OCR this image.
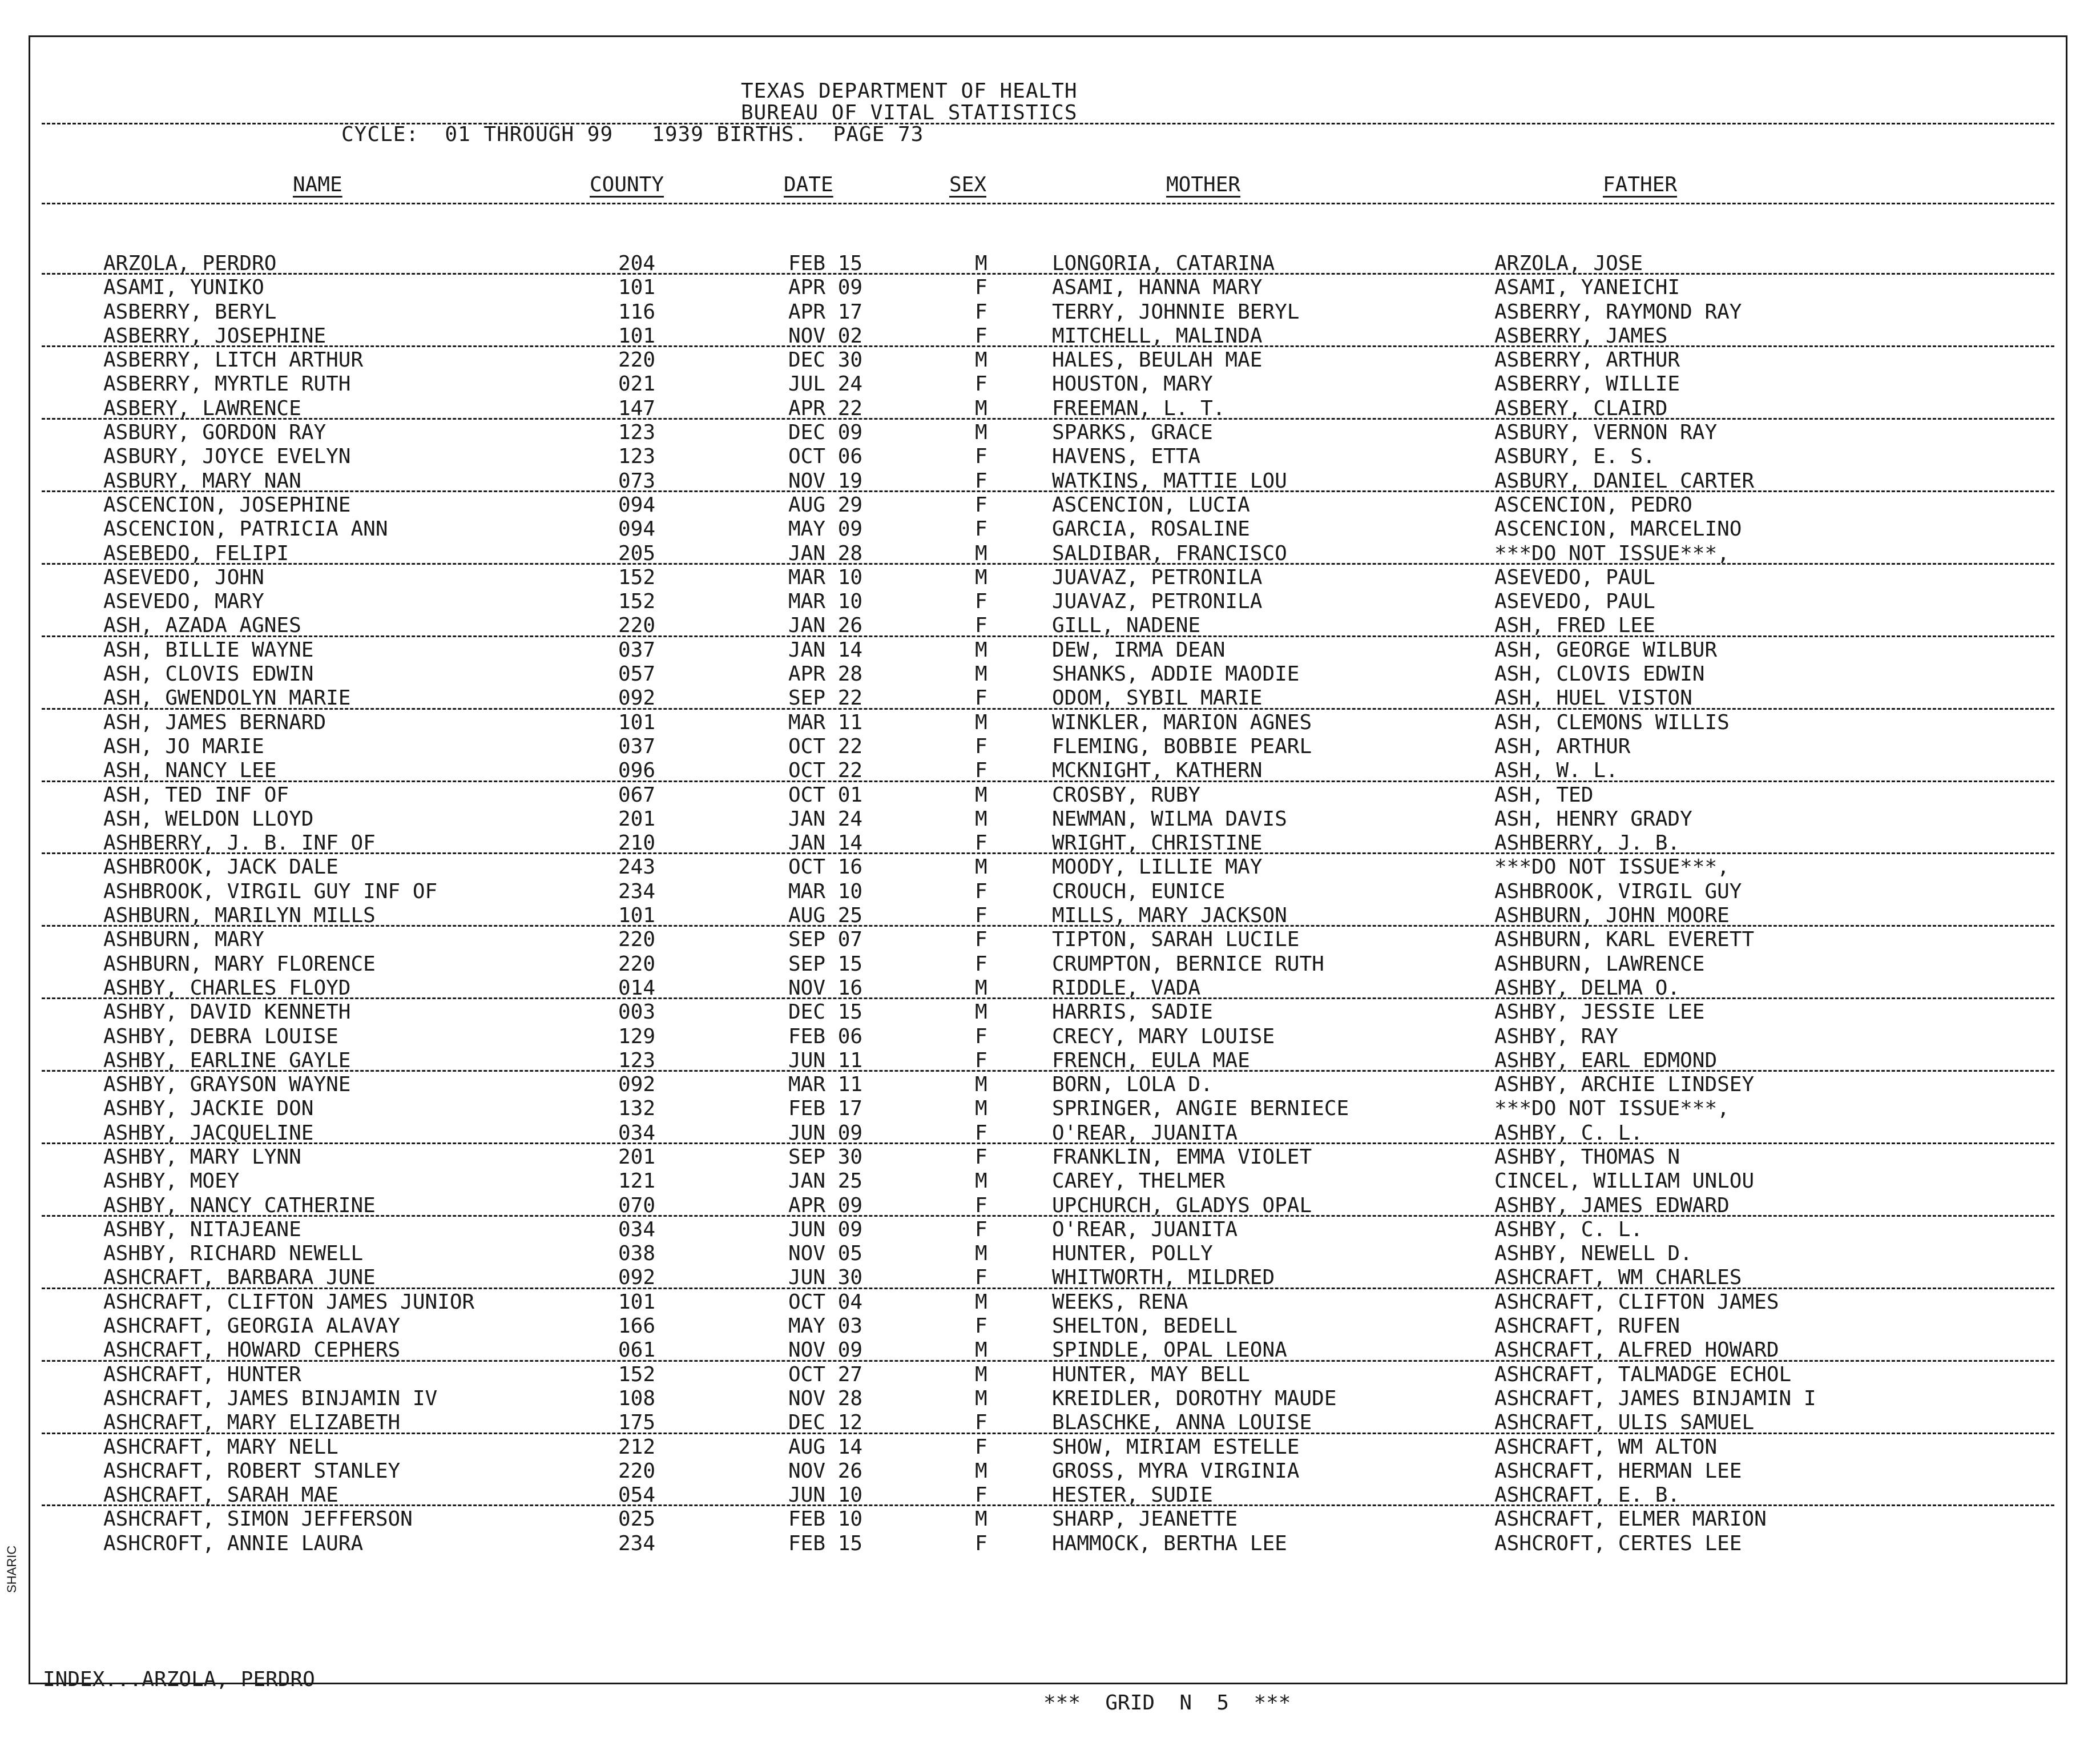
TEXAS DEPARTMENT OF HEALTH
BUREAU OF VITAL STATISTICS
CYCLE:  01 THROUGH 99   1939 BIRTHS.  PAGE 73
NAME	COUNTY	DATE	SEX	MOTHER	FATHER
ARZOLA, PERDRO	204	FEB 15	M	LONGORIA, CATARINA	ARZOLA, JOSE
ASAMI, YUNIKO	101	APR 09	F	ASAMI, HANNA MARY	ASAMI, YANEICHI
ASBERRY, BERYL	116	APR 17	F	TERRY, JOHNNIE BERYL	ASBERRY, RAYMOND RAY
ASBERRY, JOSEPHINE	101	NOV 02	F	MITCHELL, MALINDA	ASBERRY, JAMES
ASBERRY, LITCH ARTHUR	220	DEC 30	M	HALES, BEULAH MAE	ASBERRY, ARTHUR
ASBERRY, MYRTLE RUTH	021	JUL 24	F	HOUSTON, MARY	ASBERRY, WILLIE
ASBERY, LAWRENCE	147	APR 22	M	FREEMAN, L. T.	ASBERY, CLAIRD
ASBURY, GORDON RAY	123	DEC 09	M	SPARKS, GRACE	ASBURY, VERNON RAY
ASBURY, JOYCE EVELYN	123	OCT 06	F	HAVENS, ETTA	ASBURY, E. S.
ASBURY, MARY NAN	073	NOV 19	F	WATKINS, MATTIE LOU	ASBURY, DANIEL CARTER
ASCENCION, JOSEPHINE	094	AUG 29	F	ASCENCION, LUCIA	ASCENCION, PEDRO
ASCENCION, PATRICIA ANN	094	MAY 09	F	GARCIA, ROSALINE	ASCENCION, MARCELINO
ASEBEDO, FELIPI	205	JAN 28	M	SALDIBAR, FRANCISCO	***DO NOT ISSUE***,
ASEVEDO, JOHN	152	MAR 10	M	JUAVAZ, PETRONILA	ASEVEDO, PAUL
ASEVEDO, MARY	152	MAR 10	F	JUAVAZ, PETRONILA	ASEVEDO, PAUL
ASH, AZADA AGNES	220	JAN 26	F	GILL, NADENE	ASH, FRED LEE
ASH, BILLIE WAYNE	037	JAN 14	M	DEW, IRMA DEAN	ASH, GEORGE WILBUR
ASH, CLOVIS EDWIN	057	APR 28	M	SHANKS, ADDIE MAODIE	ASH, CLOVIS EDWIN
ASH, GWENDOLYN MARIE	092	SEP 22	F	ODOM, SYBIL MARIE	ASH, HUEL VISTON
ASH, JAMES BERNARD	101	MAR 11	M	WINKLER, MARION AGNES	ASH, CLEMONS WILLIS
ASH, JO MARIE	037	OCT 22	F	FLEMING, BOBBIE PEARL	ASH, ARTHUR
ASH, NANCY LEE	096	OCT 22	F	MCKNIGHT, KATHERN	ASH, W. L.
ASH, TED INF OF	067	OCT 01	M	CROSBY, RUBY	ASH, TED
ASH, WELDON LLOYD	201	JAN 24	M	NEWMAN, WILMA DAVIS	ASH, HENRY GRADY
ASHBERRY, J. B. INF OF	210	JAN 14	F	WRIGHT, CHRISTINE	ASHBERRY, J. B.
ASHBROOK, JACK DALE	243	OCT 16	M	MOODY, LILLIE MAY	***DO NOT ISSUE***,
ASHBROOK, VIRGIL GUY INF OF	234	MAR 10	F	CROUCH, EUNICE	ASHBROOK, VIRGIL GUY
ASHBURN, MARILYN MILLS	101	AUG 25	F	MILLS, MARY JACKSON	ASHBURN, JOHN MOORE
ASHBURN, MARY	220	SEP 07	F	TIPTON, SARAH LUCILE	ASHBURN, KARL EVERETT
ASHBURN, MARY FLORENCE	220	SEP 15	F	CRUMPTON, BERNICE RUTH	ASHBURN, LAWRENCE
ASHBY, CHARLES FLOYD	014	NOV 16	M	RIDDLE, VADA	ASHBY, DELMA O.
ASHBY, DAVID KENNETH	003	DEC 15	M	HARRIS, SADIE	ASHBY, JESSIE LEE
ASHBY, DEBRA LOUISE	129	FEB 06	F	CRECY, MARY LOUISE	ASHBY, RAY
ASHBY, EARLINE GAYLE	123	JUN 11	F	FRENCH, EULA MAE	ASHBY, EARL EDMOND
ASHBY, GRAYSON WAYNE	092	MAR 11	M	BORN, LOLA D.	ASHBY, ARCHIE LINDSEY
ASHBY, JACKIE DON	132	FEB 17	M	SPRINGER, ANGIE BERNIECE	***DO NOT ISSUE***,
ASHBY, JACQUELINE	034	JUN 09	F	O'REAR, JUANITA	ASHBY, C. L.
ASHBY, MARY LYNN	201	SEP 30	F	FRANKLIN, EMMA VIOLET	ASHBY, THOMAS N
ASHBY, MOEY	121	JAN 25	M	CAREY, THELMER	CINCEL, WILLIAM UNLOU
ASHBY, NANCY CATHERINE	070	APR 09	F	UPCHURCH, GLADYS OPAL	ASHBY, JAMES EDWARD
ASHBY, NITAJEANE	034	JUN 09	F	O'REAR, JUANITA	ASHBY, C. L.
ASHBY, RICHARD NEWELL	038	NOV 05	M	HUNTER, POLLY	ASHBY, NEWELL D.
ASHCRAFT, BARBARA JUNE	092	JUN 30	F	WHITWORTH, MILDRED	ASHCRAFT, WM CHARLES
ASHCRAFT, CLIFTON JAMES JUNIOR	101	OCT 04	M	WEEKS, RENA	ASHCRAFT, CLIFTON JAMES
ASHCRAFT, GEORGIA ALAVAY	166	MAY 03	F	SHELTON, BEDELL	ASHCRAFT, RUFEN
ASHCRAFT, HOWARD CEPHERS	061	NOV 09	M	SPINDLE, OPAL LEONA	ASHCRAFT, ALFRED HOWARD
ASHCRAFT, HUNTER	152	OCT 27	M	HUNTER, MAY BELL	ASHCRAFT, TALMADGE ECHOL
ASHCRAFT, JAMES BINJAMIN IV	108	NOV 28	M	KREIDLER, DOROTHY MAUDE	ASHCRAFT, JAMES BINJAMIN I
ASHCRAFT, MARY ELIZABETH	175	DEC 12	F	BLASCHKE, ANNA LOUISE	ASHCRAFT, ULIS SAMUEL
ASHCRAFT, MARY NELL	212	AUG 14	F	SHOW, MIRIAM ESTELLE	ASHCRAFT, WM ALTON
ASHCRAFT, ROBERT STANLEY	220	NOV 26	M	GROSS, MYRA VIRGINIA	ASHCRAFT, HERMAN LEE
ASHCRAFT, SARAH MAE	054	JUN 10	F	HESTER, SUDIE	ASHCRAFT, E. B.
ASHCRAFT, SIMON JEFFERSON	025	FEB 10	M	SHARP, JEANETTE	ASHCRAFT, ELMER MARION
ASHCROFT, ANNIE LAURA	234	FEB 15	F	HAMMOCK, BERTHA LEE	ASHCROFT, CERTES LEE

INDEX...ARZOLA, PERDRO

***  GRID  N  5  ***

SHARIC
